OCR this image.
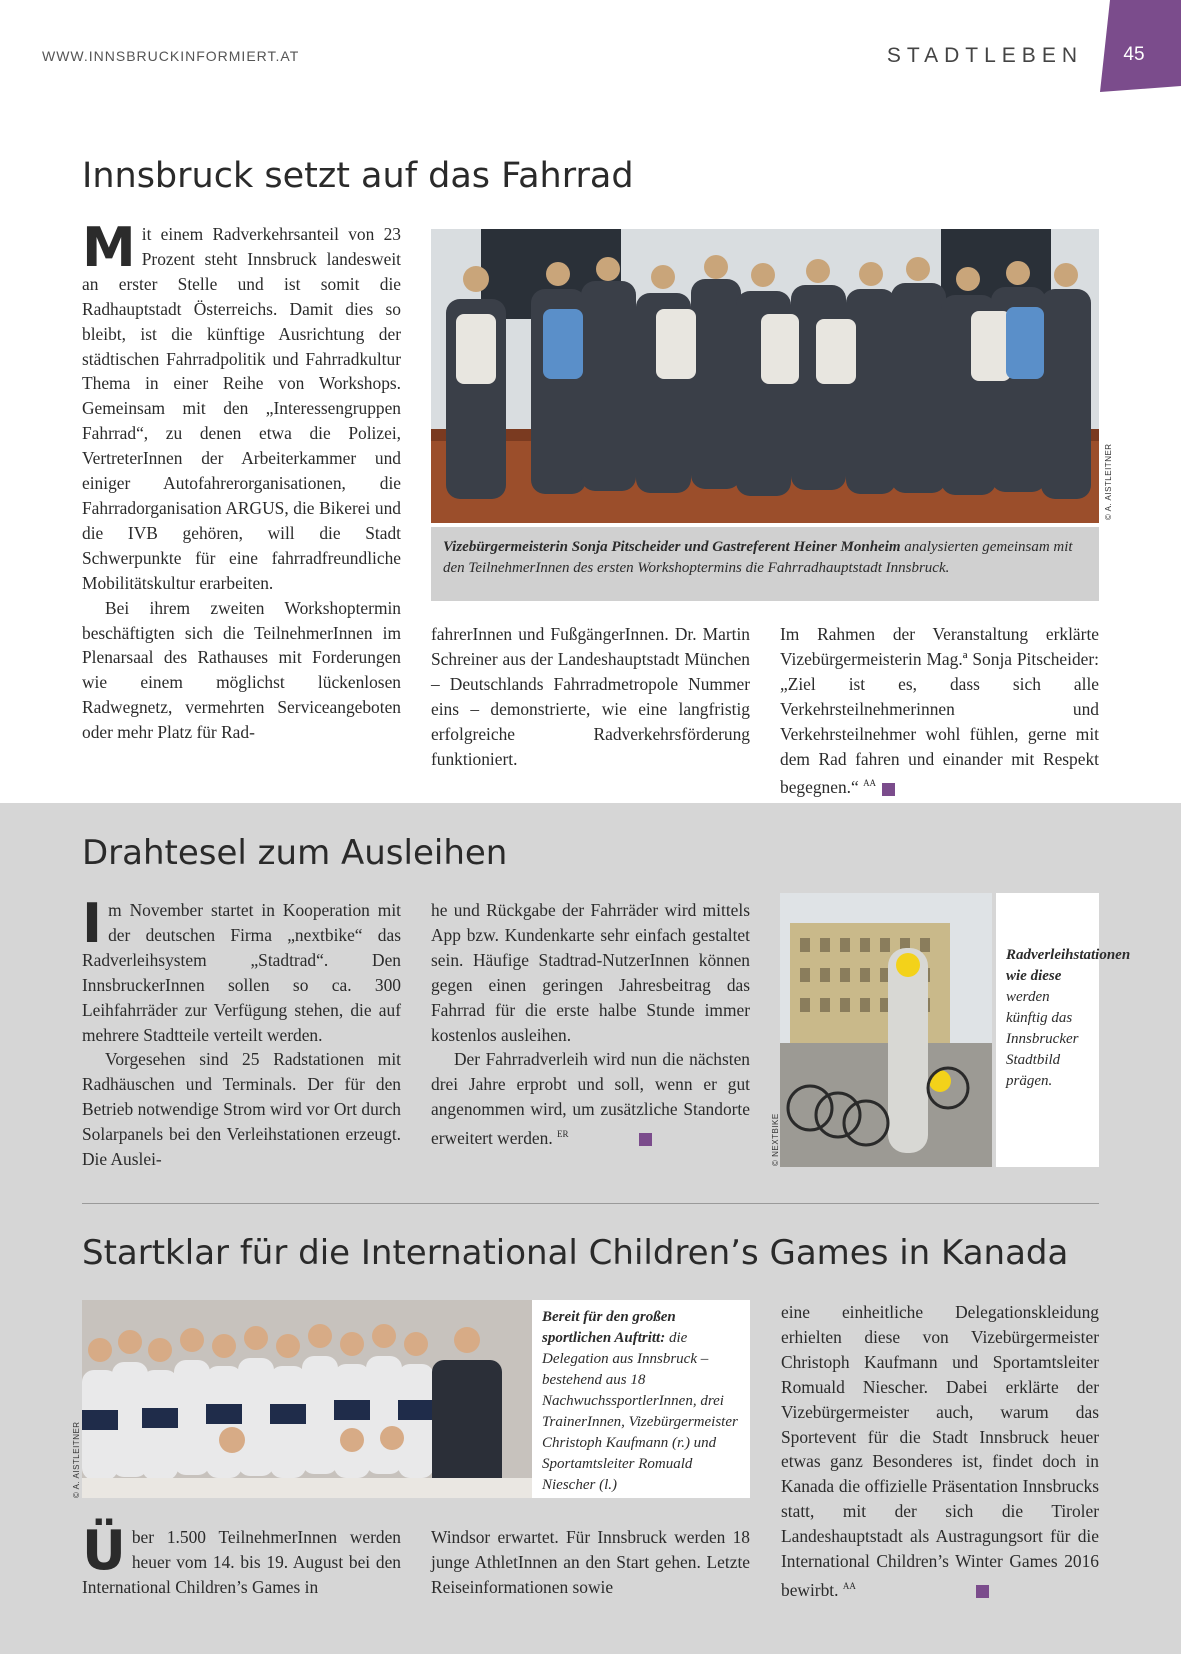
WWW.INNSBRUCKINFORMIERT.AT	STADTLEBEN	45
Innsbruck setzt auf das Fahrrad

Mit einem Radverkehrsanteil von 23 Prozent steht Innsbruck landesweit an erster Stelle und ist somit die Radhauptstadt Österreichs. Damit dies so bleibt, ist die künftige Ausrichtung der städtischen Fahrradpolitik und Fahrradkultur Thema in einer Reihe von Workshops. Gemeinsam mit den „Interessengruppen Fahrrad“, zu denen etwa die Polizei, VertreterInnen der Arbeiterkammer und einiger Autofahrerorganisationen, die Fahrradorganisation ARGUS, die Bikerei und die IVB gehören, will die Stadt Schwerpunkte für eine fahrradfreundliche Mobilitätskultur erarbeiten.

Bei ihrem zweiten Workshoptermin beschäftigten sich die TeilnehmerInnen im Plenarsaal des Rathauses mit Forderungen wie einem möglichst lückenlosen Radwegnetz, vermehrten Serviceangeboten oder mehr Platz für Rad-

© A. AISTLEITNER
Vizebürgermeisterin Sonja Pitscheider und Gastreferent Heiner Monheim analysierten gemeinsam mit den TeilnehmerInnen des ersten Workshoptermins die Fahrradhauptstadt Innsbruck.

fahrerInnen und FußgängerInnen. Dr. Martin Schreiner aus der Landeshauptstadt München – Deutschlands Fahrradmetropole Nummer eins – demonstrierte, wie eine langfristig erfolgreiche Radverkehrsförderung funktioniert.

Im Rahmen der Veranstaltung erklärte Vizebürgermeisterin Mag.ª Sonja Pitscheider: „Ziel ist es, dass sich alle Verkehrsteilnehmerinnen und Verkehrsteilnehmer wohl fühlen, gerne mit dem Rad fahren und einander mit Respekt begegnen.“ $^{AA}$

Drahtesel zum Ausleihen

Im November startet in Kooperation mit der deutschen Firma „nextbike“ das Radverleihsystem „Stadtrad“. Den InnsbruckerInnen sollen so ca. 300 Leihfahrräder zur Verfügung stehen, die auf mehrere Stadtteile verteilt werden.

Vorgesehen sind 25 Radstationen mit Radhäuschen und Terminals. Der für den Betrieb notwendige Strom wird vor Ort durch Solarpanels bei den Verleihstationen erzeugt. Die Auslei-

he und Rückgabe der Fahrräder wird mittels App bzw. Kundenkarte sehr einfach gestaltet sein. Häufige Stadtrad-NutzerInnen können gegen einen geringen Jahresbeitrag das Fahrrad für die erste halbe Stunde immer kostenlos ausleihen.

Der Fahrradverleih wird nun die nächsten drei Jahre erprobt und soll, wenn er gut angenommen wird, um zusätzliche Standorte erweitert werden. $^{ER}$	© NEXTBIKE
Radverleihstationen wie diese werden künftig das Innsbrucker Stadtbild prägen.
Startklar für die International Children’s Games in Kanada
© A. AISTLEITNER
Bereit für den großen sportlichen Auftritt: die Delegation aus Innsbruck – bestehend aus 18 NachwuchssportlerInnen, drei TrainerInnen, Vizebürgermeister Christoph Kaufmann (r.) und Sportamtsleiter Romuald Niescher (l.)

Über 1.500 TeilnehmerInnen werden heuer vom 14. bis 19. August bei den International Children’s Games in

Windsor erwartet. Für Innsbruck werden 18 junge AthletInnen an den Start gehen. Letzte Reiseinformationen sowie

eine einheitliche Delegationskleidung erhielten diese von Vizebürgermeister Christoph Kaufmann und Sportamtsleiter Romuald Niescher. Dabei erklärte der Vizebürgermeister auch, warum das Sportevent für die Stadt Innsbruck heuer etwas ganz Besonderes ist, findet doch in Kanada die offizielle Präsentation Innsbrucks statt, mit der sich die Tiroler Landeshauptstadt als Austragungsort für die International Children’s Winter Games 2016 bewirbt. $^{AA}$
